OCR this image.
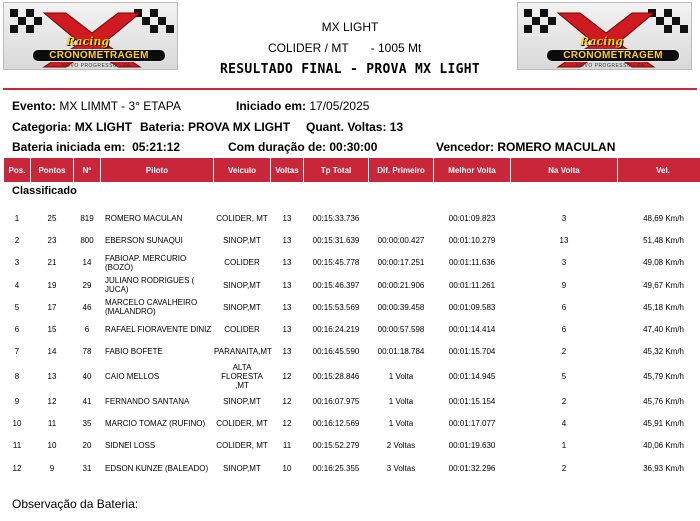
Racing
CRONOMETRAGEM
NOVO PROGRESSO - PA
Racing
CRONOMETRAGEM
NOVO PROGRESSO - PA
MX LIGHT
COLIDER / MT - 1005 Mt
RESULTADO FINAL - PROVA MX LIGHT
Evento: MX LIMMT - 3° ETAPA	Iniciado em: 17/05/2025
Categoria: MX LIGHT Bateria: PROVA MX LIGHT Quant. Voltas: 13
Bateria iniciada em: 05:21:12	Com duração de: 00:30:00	Vencedor: ROMERO MACULAN
Pos.	Pontos	Nº	Piloto	Veiculo	Voltas	Tp Total	Dif. Primeiro	Melhor Volta	Na Volta	Vel.
Classificado
1	25	819	ROMERO MACULAN	COLIDER, MT	13	00:15:33.736		00:01:09.823	3	48,69 Km/h
2	23	800	EBERSON SUNAQUI	SINOP,MT	13	00:15:31.639	00:00:00.427	00:01:10.279	13	51,48 Km/h
3	21	14	FABIOAP. MERCURIO (BOZÓ)	COLIDER	13	00:15:45.778	00:00:17.251	00:01:11.636	3	49,08 Km/h
4	19	29	JULIANO RODRIGUES ( JUCA)	SINOP,MT	13	00:15:46.397	00:00:21.906	00:01:11.261	9	49,67 Km/h
5	17	46	MARCELO CAVALHEIRO (MALANDRO)	SINOP,MT	13	00:15:53.569	00:00:39.458	00:01:09.583	6	45,18 Km/h
6	15	6	RAFAEL FIORAVENTE DINIZ	COLIDER	13	00:16:24.219	00:00:57.598	00:01:14.414	6	47,40 Km/h
7	14	78	FABIO BOFETE	PARANAITA,MT	13	00:16:45.590	00:01:18.784	00:01:15.704	2	45,32 Km/h
8	13	40	CAIO MELLOS	ALTA FLORESTA ,MT	12	00:15:28.846	1 Volta	00:01:14.945	5	45,79 Km/h
9	12	41	FERNANDO SANTANA	SINOP,MT	12	00:16:07.975	1 Volta	00:01:15.154	2	45,76 Km/h
10	11	35	MARCIO TOMAZ (RUFINO)	COLIDER, MT	12	00:16:12.569	1 Volta	00:01:17.077	4	45,91 Km/h
11	10	20	SIDNEI LOSS	COLIDER, MT	11	00:15:52.279	2 Voltas	00:01:19.630	1	40,06 Km/h
12	9	31	EDSON KUNZE (BALEADO)	SINOP,MT	10	00:16:25.355	3 Voltas	00:01:32.296	2	36,93 Km/h
Observação da Bateria:
